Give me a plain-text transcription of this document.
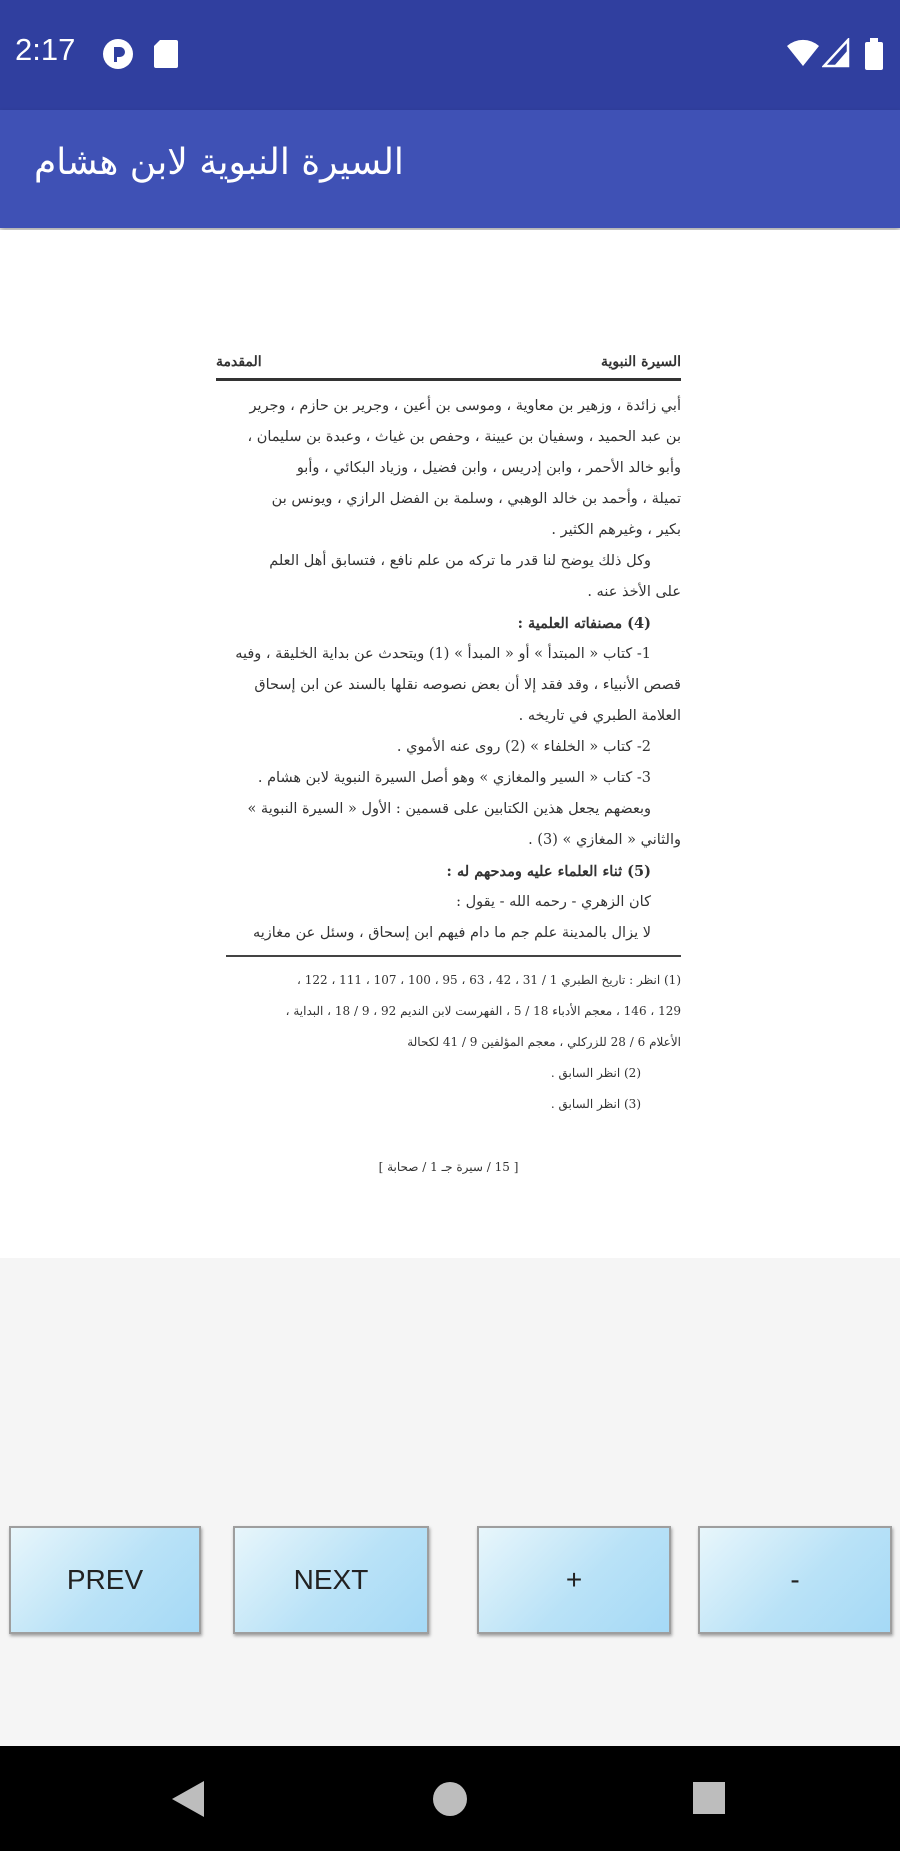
2:17
السيرة النبوية لابن هشام
السيرة النبوية
المقدمة
أبي زائدة ، وزهير بن معاوية ، وموسى بن أعين ، وجرير بن حازم ، وجرير
بن عبد الحميد ، وسفيان بن عيينة ، وحفص بن غياث ، وعبدة بن سليمان ،
وأبو خالد الأحمر ، وابن إدريس ، وابن فضيل ، وزياد البكائي ، وأبو
تميلة ، وأحمد بن خالد الوهبي ، وسلمة بن الفضل الرازي ، ويونس بن
بكير ، وغيرهم الكثير .
وكل ذلك يوضح لنا قدر ما تركه من علم نافع ، فتسابق أهل العلم
على الأخذ عنه .
(4) مصنفاته العلمية :
1- كتاب « المبتدأ » أو « المبدأ » (1) ويتحدث عن بداية الخليقة ، وفيه
قصص الأنبياء ، وقد فقد إلا أن بعض نصوصه نقلها بالسند عن ابن إسحاق
العلامة الطبري في تاريخه .
2- كتاب « الخلفاء » (2) روى عنه الأموي .
3- كتاب « السير والمغازي » وهو أصل السيرة النبوية لابن هشام .
وبعضهم يجعل هذين الكتابين على قسمين : الأول « السيرة النبوية »
والثاني « المغازي » (3) .
(5) ثناء العلماء عليه ومدحهم له :
كان الزهري - رحمه الله - يقول :
لا يزال بالمدينة علم جم ما دام فيهم ابن إسحاق ، وسئل عن مغازيه
(1) انظر : تاريخ الطبري 1 / 31 ، 42 ، 63 ، 95 ، 100 ، 107 ، 111 ، 122 ،
129 ، 146 ، معجم الأدباء 18 / 5 ، الفهرست لابن النديم 92 ، 9 / 18 ، البداية ،
الأعلام 6 / 28 للزركلي ، معجم المؤلفين 9 / 41 لكحالة
(2) انظر السابق .
(3) انظر السابق .
[ 15 / سيرة جـ 1 / صحابة ]
PREV	NEXT	+	-
